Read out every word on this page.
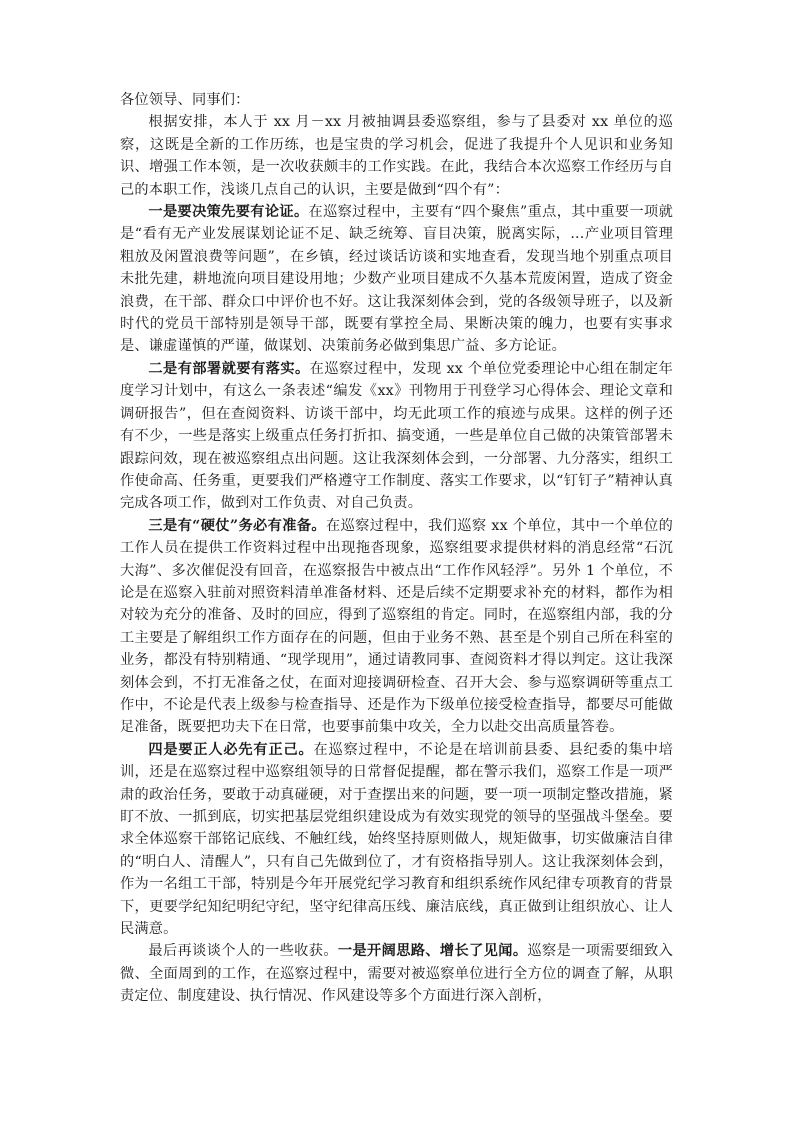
各位领导、同事们：

根据安排，本人于 xx 月－xx 月被抽调县委巡察组，参与了县委对 xx 单位的巡察，这既是全新的工作历练，也是宝贵的学习机会，促进了我提升个人见识和业务知识、增强工作本领，是一次收获颇丰的工作实践。在此，我结合本次巡察工作经历与自己的本职工作，浅谈几点自己的认识，主要是做到“四个有”：

一是要决策先要有论证。在巡察过程中，主要有“四个聚焦”重点，其中重要一项就是“看有无产业发展谋划论证不足、缺乏统筹、盲目决策，脱离实际，...产业项目管理粗放及闲置浪费等问题”，在乡镇，经过谈话访谈和实地查看，发现当地个别重点项目未批先建，耕地流向项目建设用地；少数产业项目建成不久基本荒废闲置，造成了资金浪费，在干部、群众口中评价也不好。这让我深刻体会到，党的各级领导班子，以及新时代的党员干部特别是领导干部，既要有掌控全局、果断决策的魄力，也要有实事求是、谦虚谨慎的严谨，做谋划、决策前务必做到集思广益、多方论证。

二是有部署就要有落实。在巡察过程中，发现 xx 个单位党委理论中心组在制定年度学习计划中，有这么一条表述“编发《xx》刊物用于刊登学习心得体会、理论文章和调研报告”，但在查阅资料、访谈干部中，均无此项工作的痕迹与成果。这样的例子还有不少，一些是落实上级重点任务打折扣、搞变通，一些是单位自己做的决策管部署未跟踪问效，现在被巡察组点出问题。这让我深刻体会到，一分部署、九分落实，组织工作使命高、任务重，更要我们严格遵守工作制度、落实工作要求，以“钉钉子”精神认真完成各项工作，做到对工作负责、对自己负责。

三是有“硬仗”务必有准备。在巡察过程中，我们巡察 xx 个单位，其中一个单位的工作人员在提供工作资料过程中出现拖沓现象，巡察组要求提供材料的消息经常“石沉大海”、多次催促没有回音，在巡察报告中被点出“工作作风轻浮”。另外 1 个单位，不论是在巡察入驻前对照资料清单准备材料、还是后续不定期要求补充的材料，都作为相对较为充分的准备、及时的回应，得到了巡察组的肯定。同时，在巡察组内部，我的分工主要是了解组织工作方面存在的问题，但由于业务不熟、甚至是个别自己所在科室的业务，都没有特别精通、“现学现用”，通过请教同事、查阅资料才得以判定。这让我深刻体会到，不打无准备之仗，在面对迎接调研检查、召开大会、参与巡察调研等重点工作中，不论是代表上级参与检查指导、还是作为下级单位接受检查指导，都要尽可能做足准备，既要把功夫下在日常，也要事前集中攻关，全力以赴交出高质量答卷。

四是要正人必先有正己。在巡察过程中，不论是在培训前县委、县纪委的集中培训，还是在巡察过程中巡察组领导的日常督促提醒，都在警示我们，巡察工作是一项严肃的政治任务，要敢于动真碰硬，对于查摆出来的问题，要一项一项制定整改措施，紧盯不放、一抓到底，切实把基层党组织建设成为有效实现党的领导的坚强战斗堡垒。要求全体巡察干部铭记底线、不触红线，始终坚持原则做人，规矩做事，切实做廉洁自律的“明白人、清醒人”，只有自己先做到位了，才有资格指导别人。这让我深刻体会到，作为一名组工干部，特别是今年开展党纪学习教育和组织系统作风纪律专项教育的背景下，更要学纪知纪明纪守纪，坚守纪律高压线、廉洁底线，真正做到让组织放心、让人民满意。

最后再谈谈个人的一些收获。一是开阔思路、增长了见闻。巡察是一项需要细致入微、全面周到的工作，在巡察过程中，需要对被巡察单位进行全方位的调查了解，从职责定位、制度建设、执行情况、作风建设等多个方面进行深入剖析，
